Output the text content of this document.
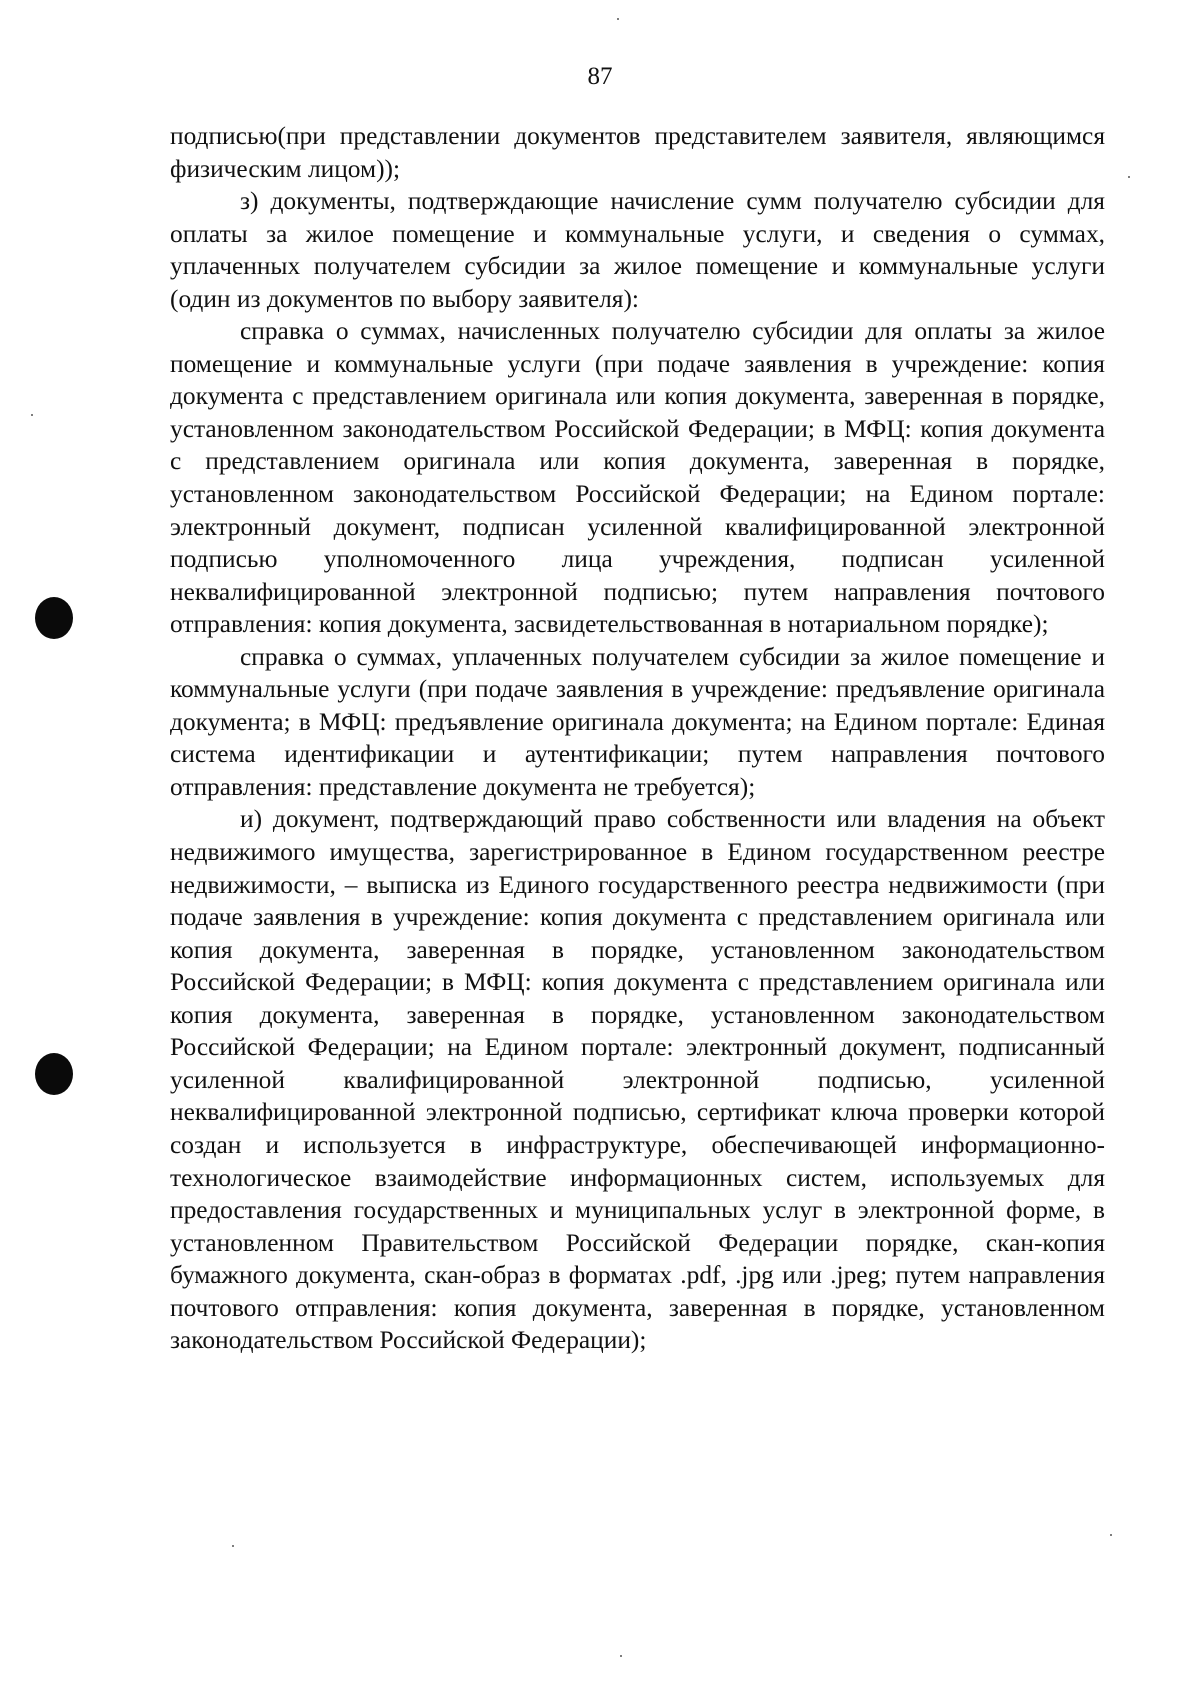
87

подписью(при представлении документов представителем заявителя, являющимся физическим лицом));

з) документы, подтверждающие начисление сумм получателю субсидии для оплаты за жилое помещение и коммунальные услуги, и сведения о суммах, уплаченных получателем субсидии за жилое помещение и коммунальные услуги (один из документов по выбору заявителя):

справка о суммах, начисленных получателю субсидии для оплаты за жилое помещение и коммунальные услуги (при подаче заявления в учреждение: копия документа с представлением оригинала или копия документа, заверенная в порядке, установленном законодательством Российской Федерации; в МФЦ: копия документа с представлением оригинала или копия документа, заверенная в порядке, установленном законодательством Российской Федерации; на Едином портале: электронный документ, подписан усиленной квалифицированной электронной подписью уполномоченного лица учреждения, подписан усиленной неквалифицированной электронной подписью; путем направления почтового отправления: копия документа, засвидетельствованная в нотариальном порядке);

справка о суммах, уплаченных получателем субсидии за жилое помещение и коммунальные услуги (при подаче заявления в учреждение: предъявление оригинала документа; в МФЦ: предъявление оригинала документа; на Едином портале: Единая система идентификации и аутентификации; путем направления почтового отправления: представление документа не требуется);

и) документ, подтверждающий право собственности или владения на объект недвижимого имущества, зарегистрированное в Едином государственном реестре недвижимости, – выписка из Единого государственного реестра недвижимости (при подаче заявления в учреждение: копия документа с представлением оригинала или копия документа, заверенная в порядке, установленном законодательством Российской Федерации; в МФЦ: копия документа с представлением оригинала или копия документа, заверенная в порядке, установленном законодательством Российской Федерации; на Едином портале: электронный документ, подписанный усиленной квалифицированной электронной подписью, усиленной неквалифицированной электронной подписью, сертификат ключа проверки которой создан и используется в инфраструктуре, обеспечивающей информационно-технологическое взаимодействие информационных систем, используемых для предоставления государственных и муниципальных услуг в электронной форме, в установленном Правительством Российской Федерации порядке, скан-копия бумажного документа, скан-образ в форматах .pdf, .jpg или .jpeg; путем направления почтового отправления: копия документа, заверенная в порядке, установленном законодательством Российской Федерации);
